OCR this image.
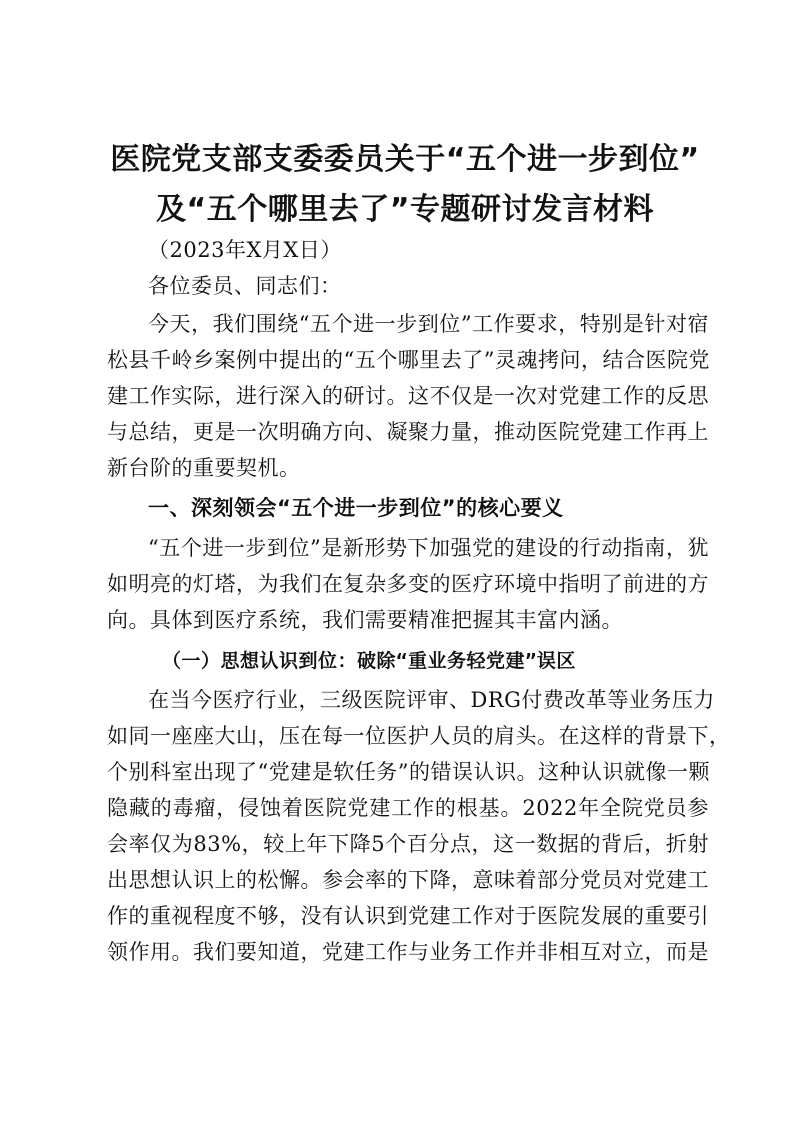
医院党支部支委委员关于“五个进一步到位”
及“五个哪里去了”专题研讨发言材料
（2023年X月X日）
各位委员、同志们：
今天，我们围绕“五个进一步到位”工作要求，特别是针对宿
松县千岭乡案例中提出的“五个哪里去了”灵魂拷问，结合医院党
建工作实际，进行深入的研讨。这不仅是一次对党建工作的反思
与总结，更是一次明确方向、凝聚力量，推动医院党建工作再上
新台阶的重要契机。
一、深刻领会“五个进一步到位”的核心要义
“五个进一步到位”是新形势下加强党的建设的行动指南，犹
如明亮的灯塔，为我们在复杂多变的医疗环境中指明了前进的方
向。具体到医疗系统，我们需要精准把握其丰富内涵。
（一）思想认识到位：破除“重业务轻党建”误区
在当今医疗行业，三级医院评审、DRG付费改革等业务压力
如同一座座大山，压在每一位医护人员的肩头。在这样的背景下，
个别科室出现了“党建是软任务”的错误认识。这种认识就像一颗
隐藏的毒瘤，侵蚀着医院党建工作的根基。2022年全院党员参
会率仅为83%，较上年下降5个百分点，这一数据的背后，折射
出思想认识上的松懈。参会率的下降，意味着部分党员对党建工
作的重视程度不够，没有认识到党建工作对于医院发展的重要引
领作用。我们要知道，党建工作与业务工作并非相互对立，而是
